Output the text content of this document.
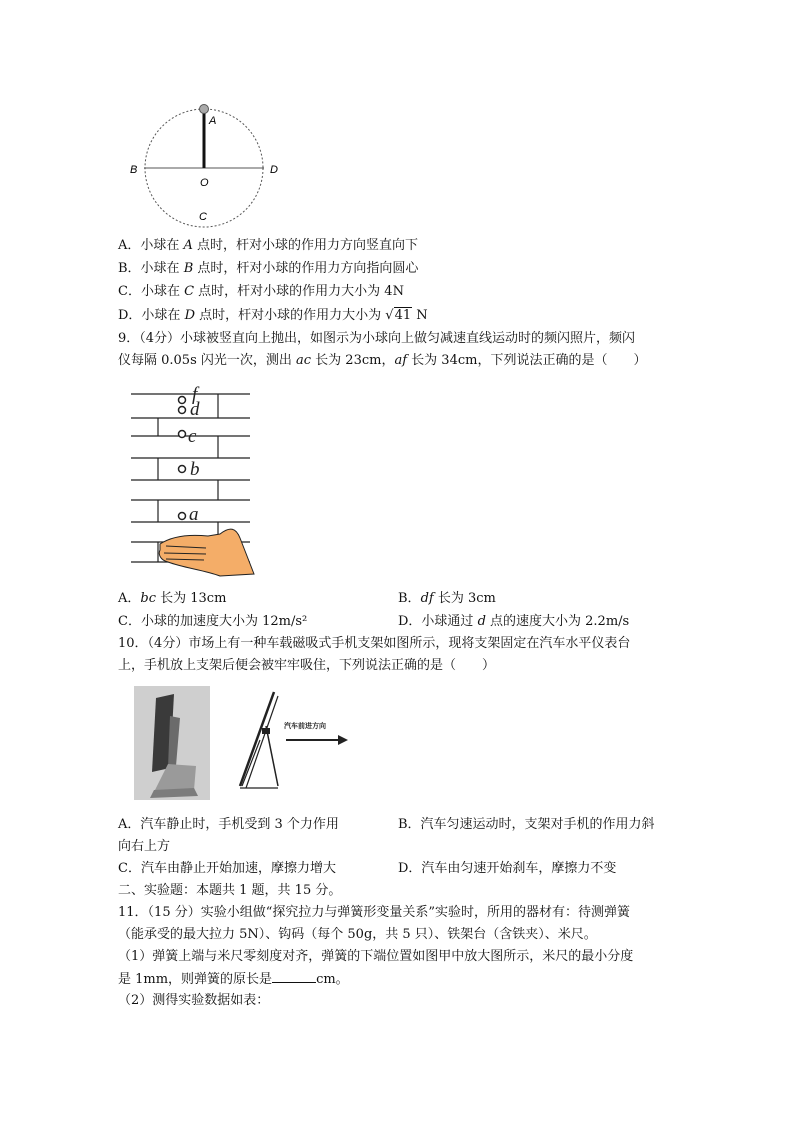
A
B
O
D
C
A．小球在 A 点时，杆对小球的作用力方向竖直向下
B．小球在 B 点时，杆对小球的作用力方向指向圆心
C．小球在 C 点时，杆对小球的作用力大小为 4N
D．小球在 D 点时，杆对小球的作用力大小为 √41 N
9．（4分）小球被竖直向上抛出，如图示为小球向上做匀减速直线运动时的频闪照片，频闪
仪每隔 0.05s 闪光一次，测出 ac 长为 23cm，af 长为 34cm，下列说法正确的是（　　）
f
d
c
b
a
A．bc 长为 13cm	B．df 长为 3cm
C．小球的加速度大小为 12m/s²	D．小球通过 d 点的速度大小为 2.2m/s
10．（4分）市场上有一种车载磁吸式手机支架如图所示，现将支架固定在汽车水平仪表台
上，手机放上支架后便会被牢牢吸住，下列说法正确的是（　　）
汽车前进方向
A．汽车静止时，手机受到 3 个力作用	B．汽车匀速运动时，支架对手机的作用力斜
向右上方
C．汽车由静止开始加速，摩擦力增大	D．汽车由匀速开始刹车，摩擦力不变
二、实验题：本题共 1 题，共 15 分。
11．（15 分）实验小组做“探究拉力与弹簧形变量关系”实验时，所用的器材有：待测弹簧
（能承受的最大拉力 5N）、钩码（每个 50g，共 5 只）、铁架台（含铁夹）、米尺。
（1）弹簧上端与米尺零刻度对齐，弹簧的下端位置如图甲中放大图所示，米尺的最小分度
是 1mm，则弹簧的原长是	cm。
（2）测得实验数据如表：
